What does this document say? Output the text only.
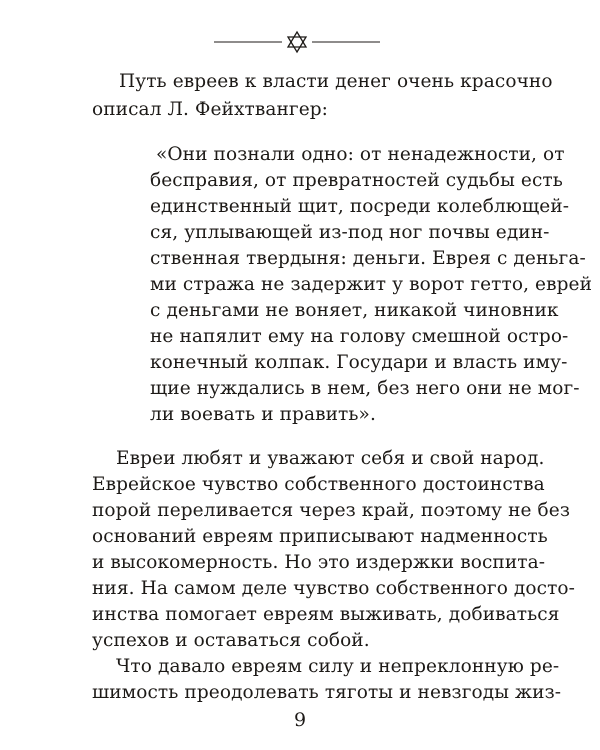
Путь евреев к власти денег очень красочно
описал Л. Фейхтвангер:
«Они познали одно: от ненадежности, от
бесправия, от превратностей судьбы есть
единственный щит, посреди колеблющей-
ся, уплывающей из-под ног почвы един-
ственная твердыня: деньги. Еврея с деньга-
ми стража не задержит у ворот гетто, еврей
с деньгами не воняет, никакой чиновник
не напялит ему на голову смешной остро-
конечный колпак. Государи и власть иму-
щие нуждались в нем, без него они не мог-
ли воевать и править».
Евреи любят и уважают себя и свой народ.
Еврейское чувство собственного достоинства
порой переливается через край, поэтому не без
оснований евреям приписывают надменность
и высокомерность. Но это издержки воспита-
ния. На самом деле чувство собственного досто-
инства помогает евреям выживать, добиваться
успехов и оставаться собой.
Что давало евреям силу и непреклонную ре-
шимость преодолевать тяготы и невзгоды жиз-
9
